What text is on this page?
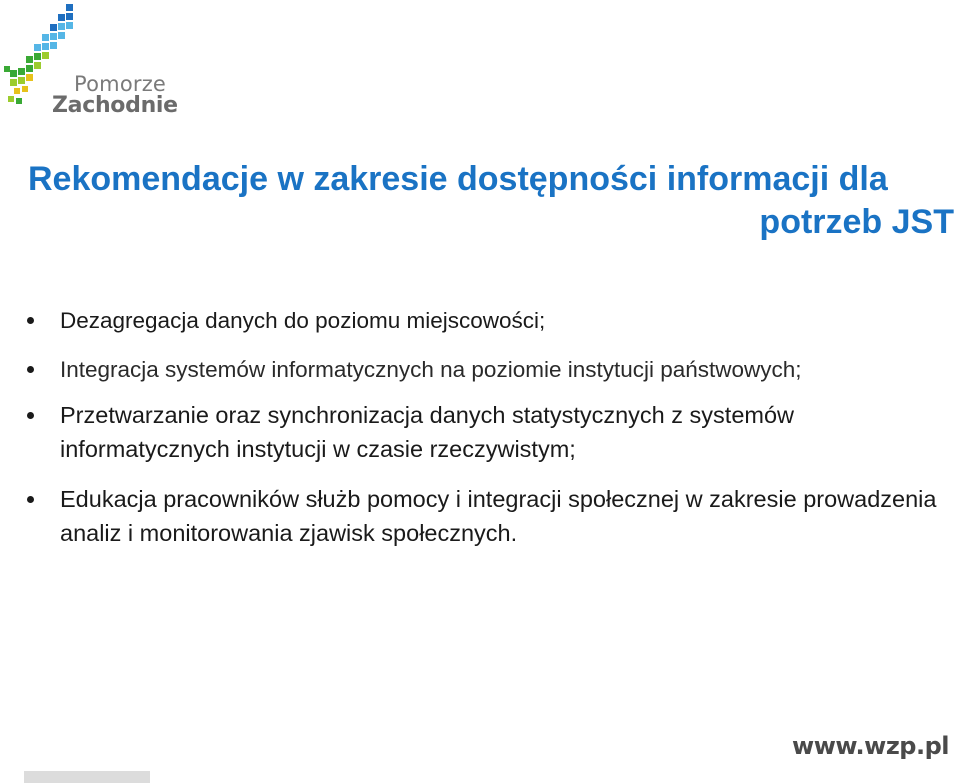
Pomorze
Zachodnie
Rekomendacje w zakresie dostępności informacji dla
potrzeb JST
Dezagregacja danych do poziomu miejscowości;
Integracja systemów informatycznych na poziomie instytucji państwowych;
Przetwarzanie oraz synchronizacja danych statystycznych z systemów informatycznych instytucji w czasie rzeczywistym;
Edukacja pracowników służb pomocy i integracji społecznej w zakresie prowadzenia analiz i monitorowania zjawisk społecznych.
www.wzp.pl
